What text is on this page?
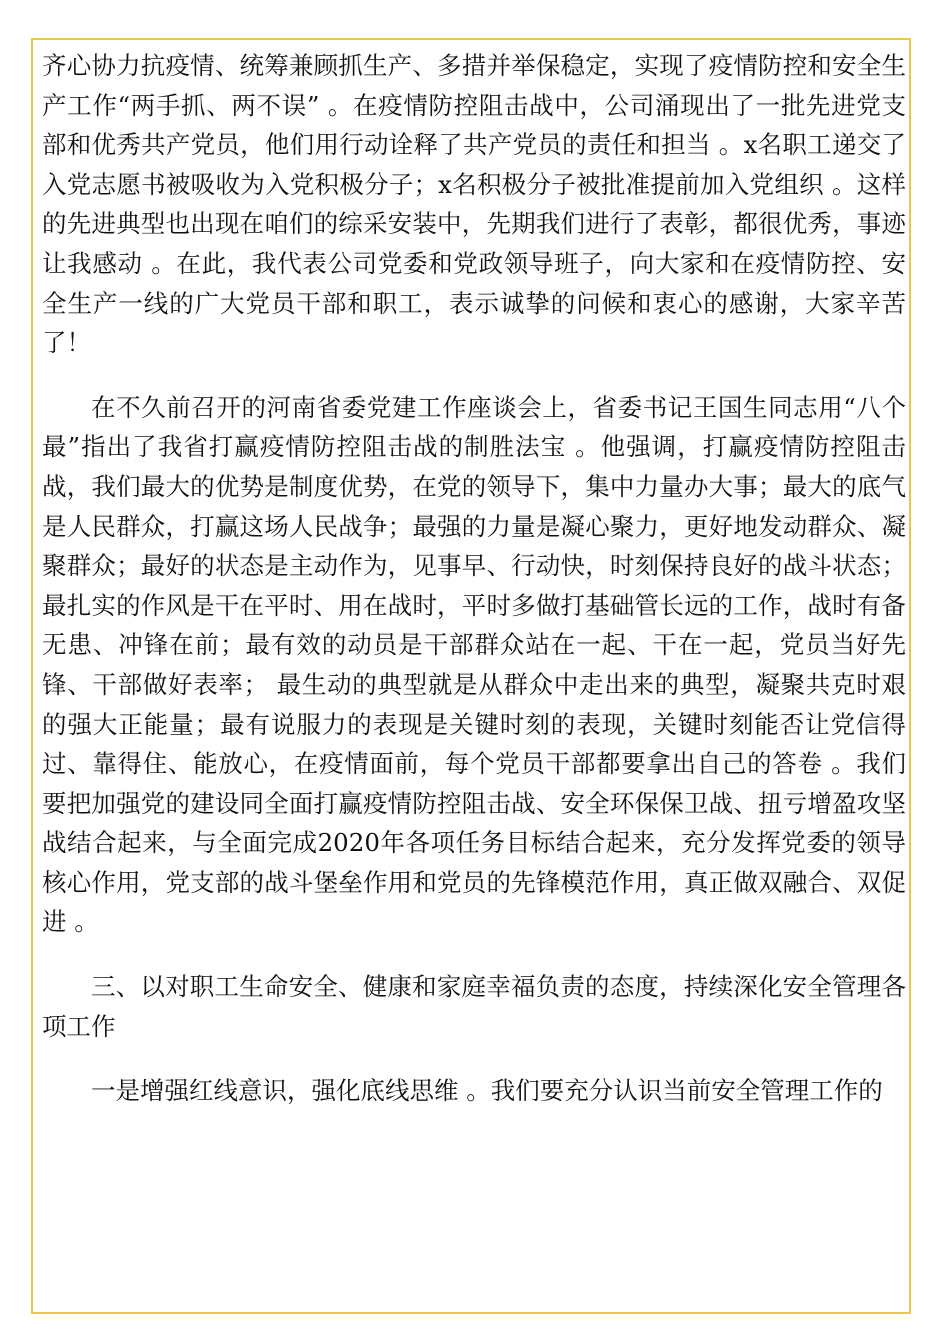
齐心协力抗疫情、统筹兼顾抓生产、多措并举保稳定，实现了疫情防控和安全生产工作“两手抓、两不误” 。在疫情防控阻击战中，公司涌现出了一批先进党支部和优秀共产党员，他们用行动诠释了共产党员的责任和担当 。x名职工递交了入党志愿书被吸收为入党积极分子；x名积极分子被批准提前加入党组织 。这样的先进典型也出现在咱们的综采安装中，先期我们进行了表彰，都很优秀，事迹让我感动 。在此，我代表公司党委和党政领导班子，向大家和在疫情防控、安全生产一线的广大党员干部和职工，表示诚挚的问候和衷心的感谢，大家辛苦了！

在不久前召开的河南省委党建工作座谈会上，省委书记王国生同志用“八个最”指出了我省打赢疫情防控阻击战的制胜法宝 。他强调，打赢疫情防控阻击战，我们最大的优势是制度优势，在党的领导下，集中力量办大事；最大的底气是人民群众，打赢这场人民战争；最强的力量是凝心聚力，更好地发动群众、凝聚群众；最好的状态是主动作为，见事早、行动快，时刻保持良好的战斗状态；最扎实的作风是干在平时、用在战时，平时多做打基础管长远的工作，战时有备无患、冲锋在前；最有效的动员是干部群众站在一起、干在一起，党员当好先锋、干部做好表率； 最生动的典型就是从群众中走出来的典型，凝聚共克时艰的强大正能量；最有说服力的表现是关键时刻的表现，关键时刻能否让党信得过、靠得住、能放心，在疫情面前，每个党员干部都要拿出自己的答卷 。我们要把加强党的建设同全面打赢疫情防控阻击战、安全环保保卫战、扭亏增盈攻坚战结合起来，与全面完成2020年各项任务目标结合起来，充分发挥党委的领导核心作用，党支部的战斗堡垒作用和党员的先锋模范作用，真正做双融合、双促进 。

三、以对职工生命安全、健康和家庭幸福负责的态度，持续深化安全管理各项工作

一是增强红线意识，强化底线思维 。我们要充分认识当前安全管理工作的
